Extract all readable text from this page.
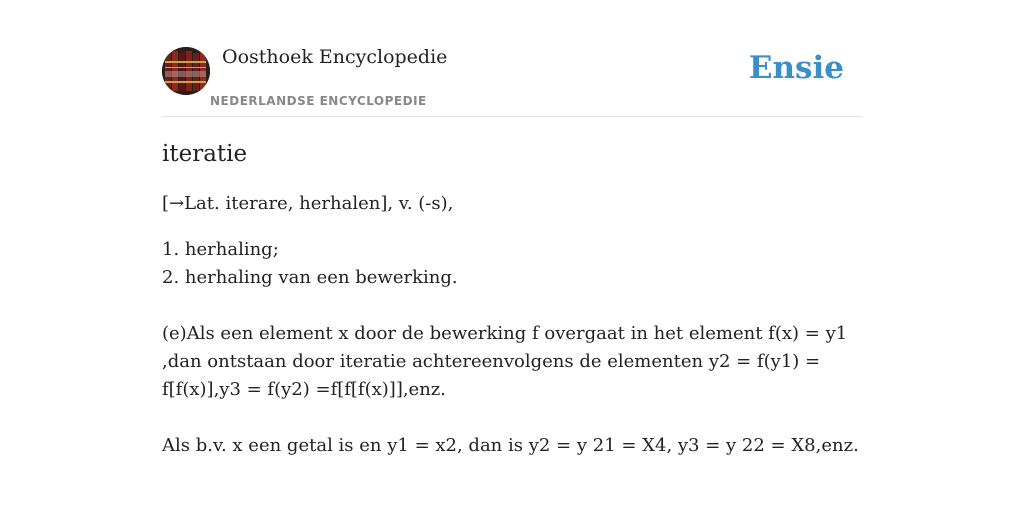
Oosthoek Encyclopedie
NEDERLANDSE ENCYCLOPEDIE
Ensie
iteratie
[→Lat. iterare, herhalen], v. (-s),
1. herhaling;
2. herhaling van een bewerking.
(e)Als een element x door de bewerking f overgaat in het element f(x) = y1 ,dan ontstaan door iteratie achtereenvolgens de elementen y2 = f(y1) = f[f(x)],y3 = f(y2) =f[f[f(x)]],enz.
Als b.v. x een getal is en y1 = x2, dan is y2 = y 21 = X4, y3 = y 22 = X8,enz.
